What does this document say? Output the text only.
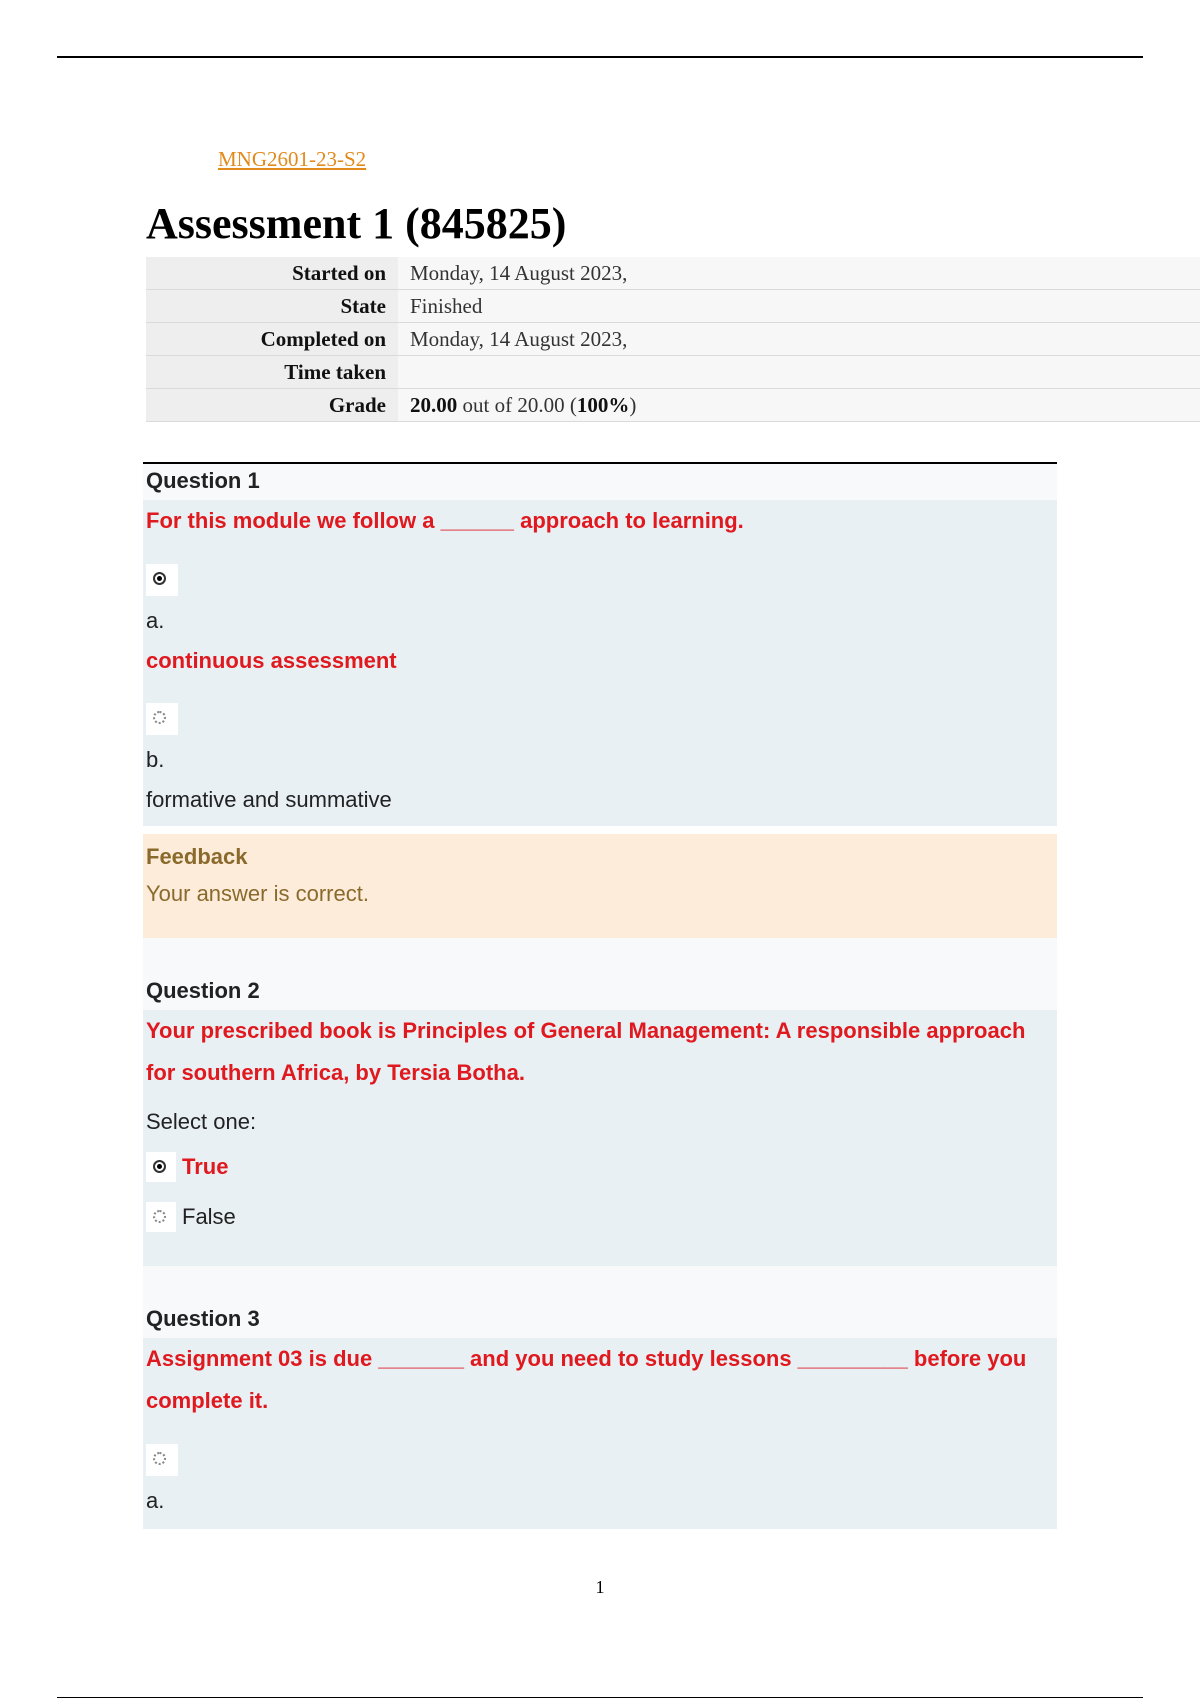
MNG2601-23-S2
Assessment 1 (845825)
Started on	Monday, 14 August 2023,
State	Finished
Completed on	Monday, 14 August 2023,
Time taken	
Grade	20.00 out of 20.00 (100%)
Question 1
For this module we follow a ______ approach to learning.
a.
continuous assessment
b.
formative and summative
Feedback
Your answer is correct.
Question 2
Your prescribed book is Principles of General Management: A responsible approach for southern Africa, by Tersia Botha.
Select one:
True
False
Question 3
Assignment 03 is due _______ and you need to study lessons _________ before you complete it.
a.
1
